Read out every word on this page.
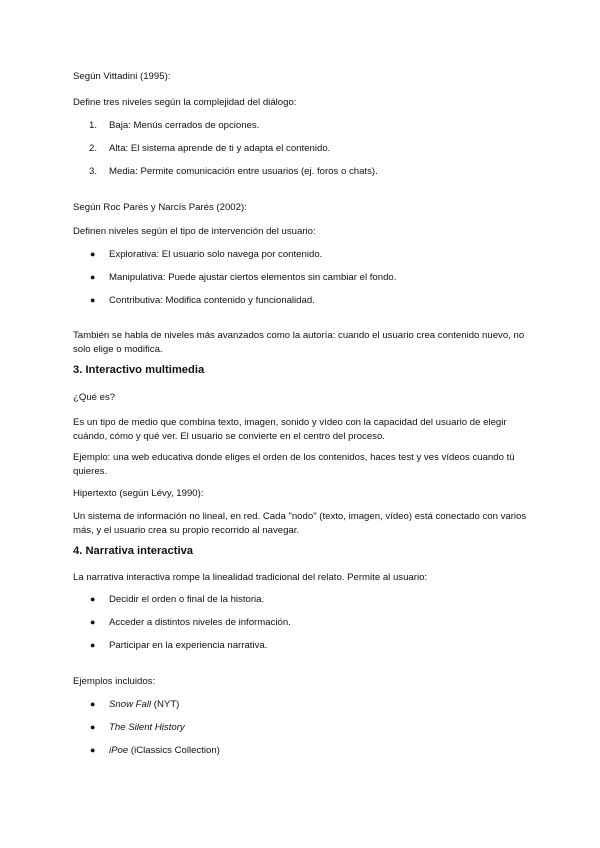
Según Vittadini (1995):
Define tres niveles según la complejidad del diálogo:
1. Baja: Menús cerrados de opciones.
2. Alta: El sistema aprende de ti y adapta el contenido.
3. Media: Permite comunicación entre usuarios (ej. foros o chats).
Según Roc Parés y Narcís Parés (2002):
Definen niveles según el tipo de intervención del usuario:
● Explorativa: El usuario solo navega por contenido.
● Manipulativa: Puede ajustar ciertos elementos sin cambiar el fondo.
● Contributiva: Modifica contenido y funcionalidad.
También se habla de niveles más avanzados como la autoría: cuando el usuario crea contenido nuevo, no solo elige o modifica.
3. Interactivo multimedia
¿Qué es?
Es un tipo de medio que combina texto, imagen, sonido y vídeo con la capacidad del usuario de elegir cuándo, cómo y qué ver. El usuario se convierte en el centro del proceso.
Ejemplo: una web educativa donde eliges el orden de los contenidos, haces test y ves vídeos cuando tú quieres.
Hipertexto (según Lévy, 1990):
Un sistema de información no lineal, en red. Cada "nodo" (texto, imagen, vídeo) está conectado con varios más, y el usuario crea su propio recorrido al navegar.
4. Narrativa interactiva
La narrativa interactiva rompe la linealidad tradicional del relato. Permite al usuario:
● Decidir el orden o final de la historia.
● Acceder a distintos niveles de información.
● Participar en la experiencia narrativa.
Ejemplos incluidos:
● Snow Fall (NYT)
● The Silent History
● iPoe (iClassics Collection)
